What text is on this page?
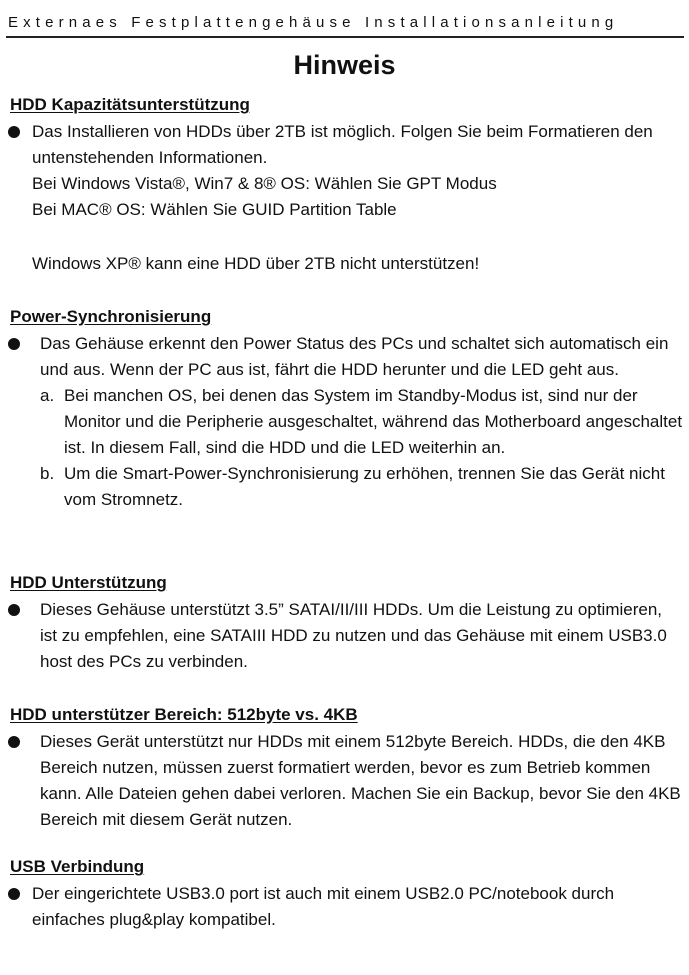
Externaes Festplattengehäuse Installationsanleitung
Hinweis
HDD Kapazitätsunterstützung

Das Installieren von HDDs über 2TB ist möglich. Folgen Sie beim Formatieren den untenstehenden Informationen.

Bei Windows Vista®, Win7 & 8® OS: Wählen Sie GPT Modus

Bei MAC® OS: Wählen Sie GUID Partition Table

Windows XP® kann eine HDD über 2TB nicht unterstützen!

Power-Synchronisierung

Das Gehäuse erkennt den Power Status des PCs und schaltet sich automatisch ein und aus. Wenn der PC aus ist, fährt die HDD herunter und die LED geht aus.

a. Bei manchen OS, bei denen das System im Standby-Modus ist, sind nur der Monitor und die Peripherie ausgeschaltet, während das Motherboard angeschaltet ist. In diesem Fall, sind die HDD und die LED weiterhin an.
b. Um die Smart-Power-Synchronisierung zu erhöhen, trennen Sie das Gerät nicht vom Stromnetz.
HDD Unterstützung

Dieses Gehäuse unterstützt 3.5” SATAI/II/III HDDs. Um die Leistung zu optimieren, ist zu empfehlen, eine SATAIII HDD zu nutzen und das Gehäuse mit einem USB3.0 host des PCs zu verbinden.

HDD unterstützer Bereich: 512byte vs. 4KB

Dieses Gerät unterstützt nur HDDs mit einem 512byte Bereich. HDDs, die den 4KB Bereich nutzen, müssen zuerst formatiert werden, bevor es zum Betrieb kommen kann. Alle Dateien gehen dabei verloren. Machen Sie ein Backup, bevor Sie den 4KB Bereich mit diesem Gerät nutzen.

USB Verbindung

Der eingerichtete USB3.0 port ist auch mit einem USB2.0 PC/notebook durch einfaches plug&play kompatibel.
